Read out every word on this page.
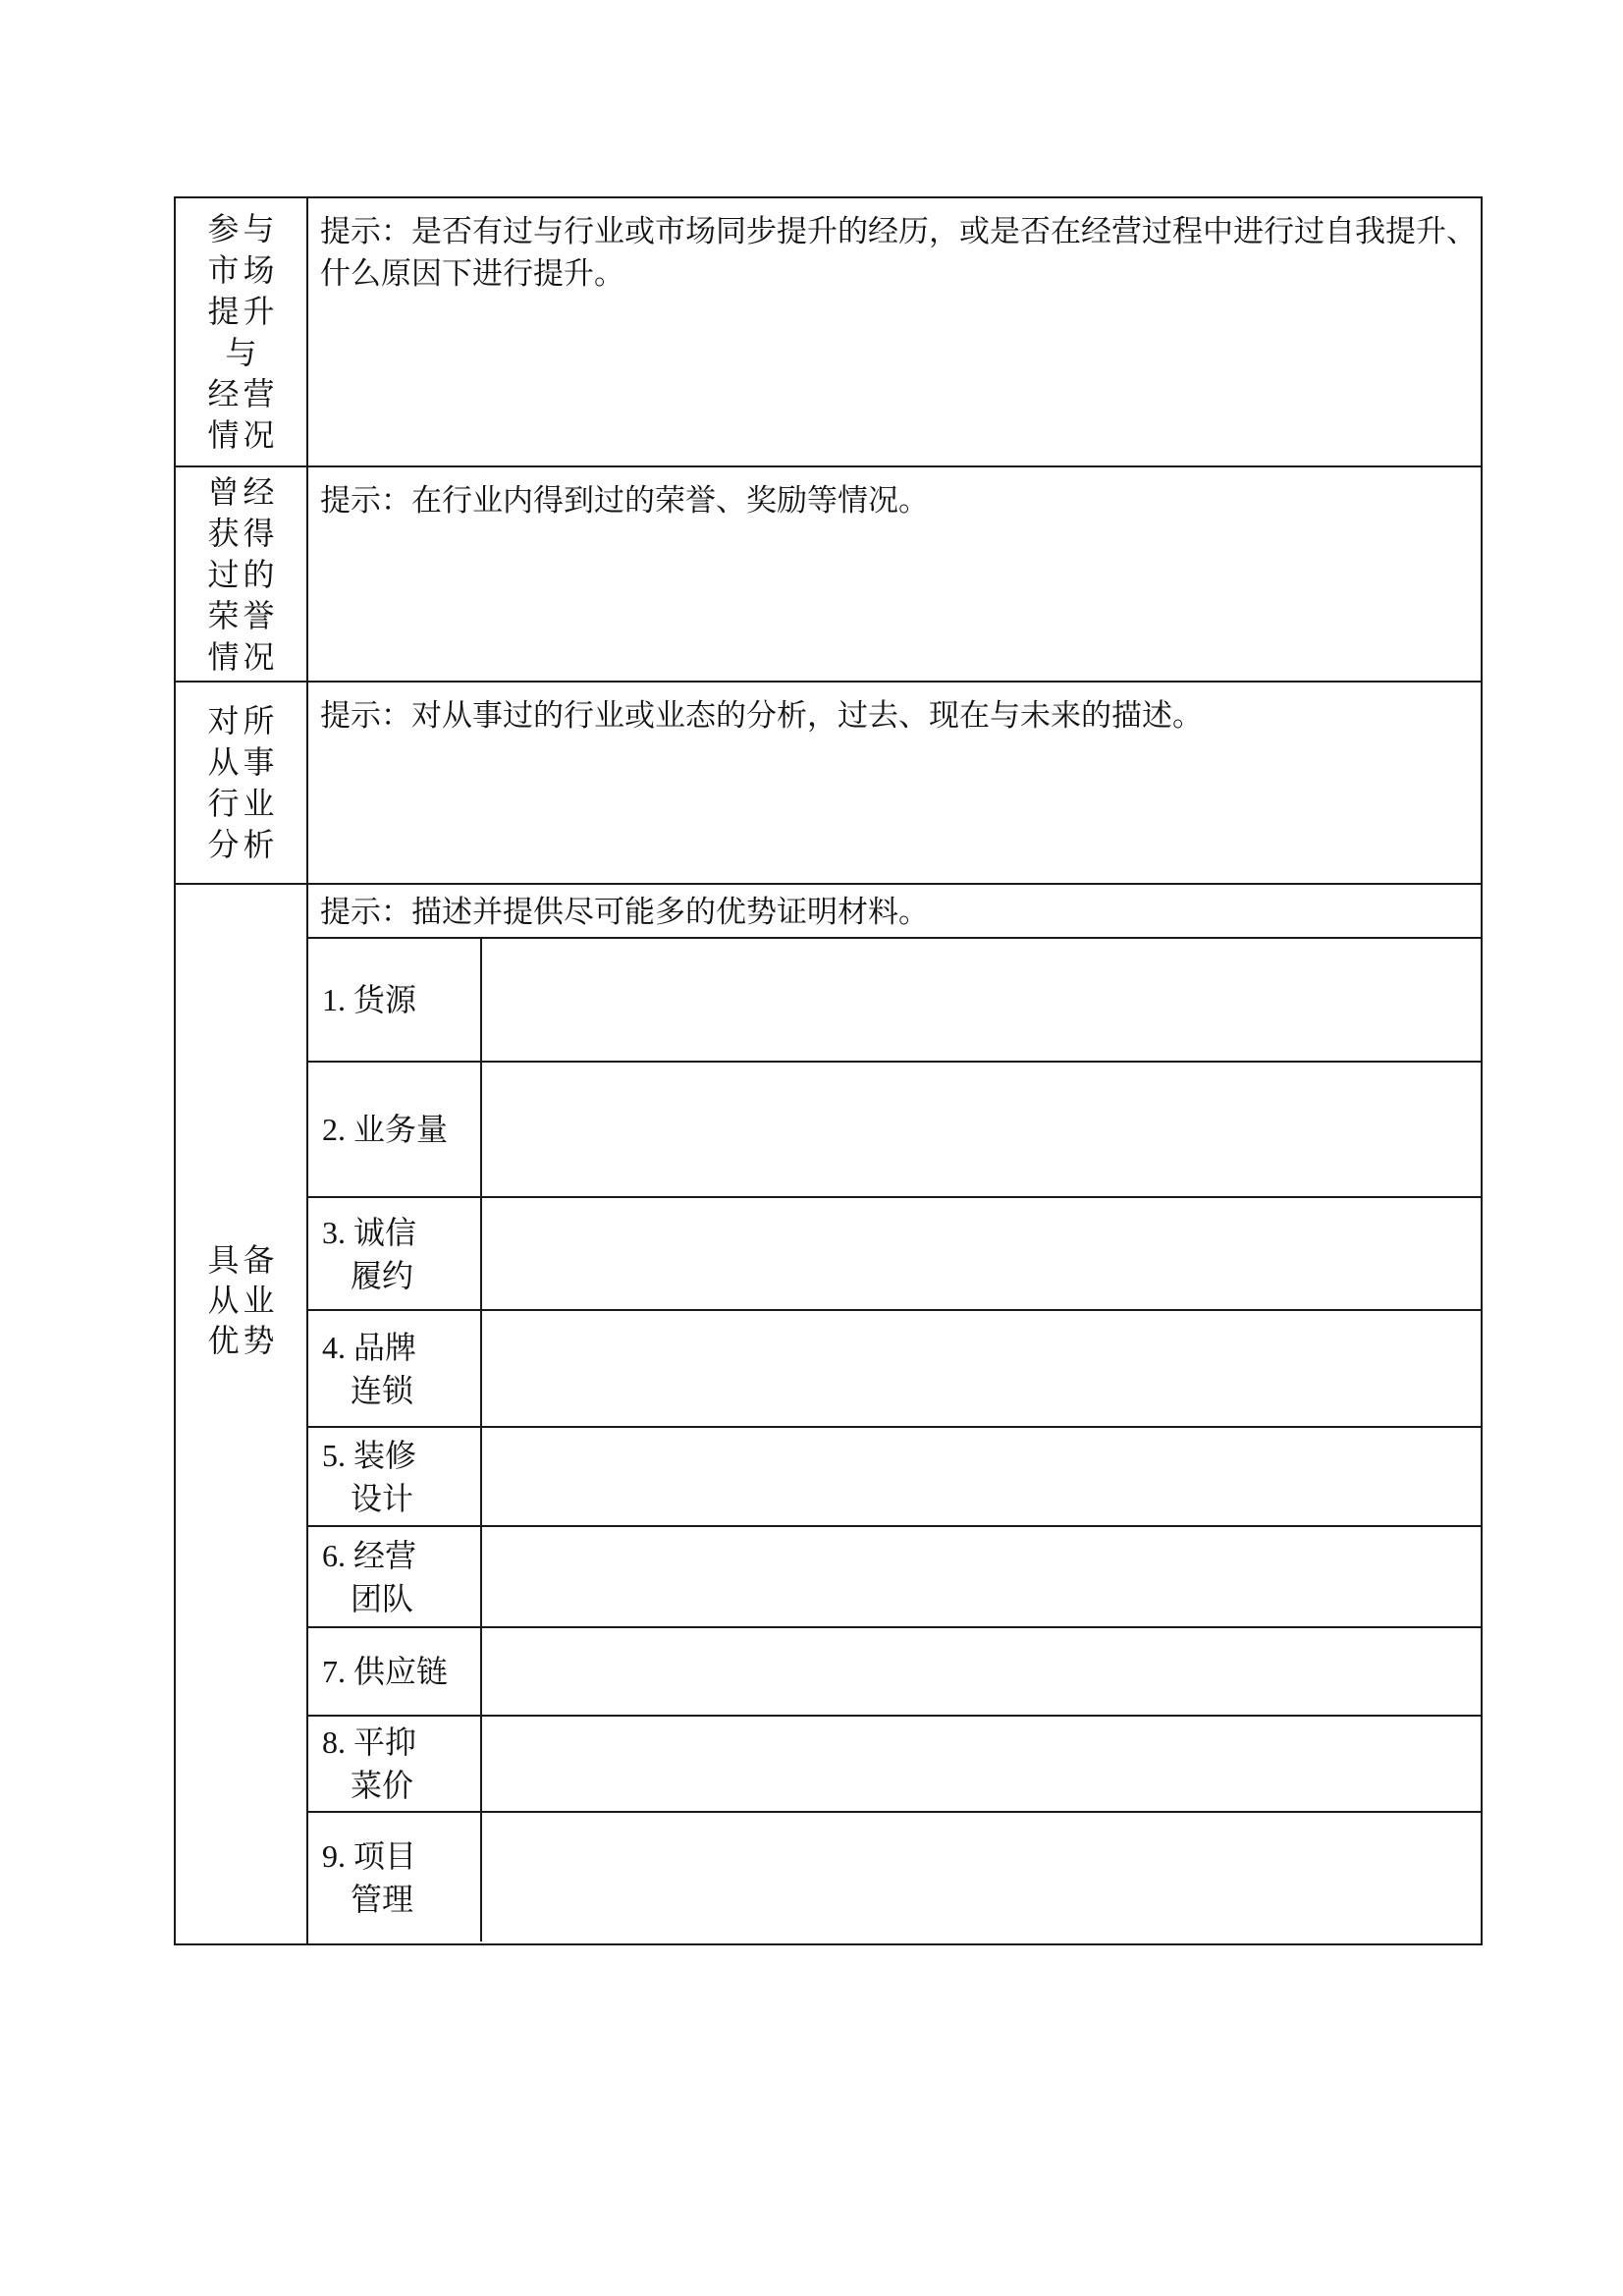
参与
市场
提升
与
经营
情况
提示：是否有过与行业或市场同步提升的经历，或是否在经营过程中进行过自我提升、
什么原因下进行提升。
曾经
获得
过的
荣誉
情况
提示：在行业内得到过的荣誉、奖励等情况。
对所
从事
行业
分析
提示：对从事过的行业或业态的分析，过去、现在与未来的描述。
具备
从业
优势
提示：描述并提供尽可能多的优势证明材料。
1. 货源
2. 业务量
3. 诚信
履约
4. 品牌
连锁
5. 装修
设计
6. 经营
团队
7. 供应链
8. 平抑
菜价
9. 项目
管理
